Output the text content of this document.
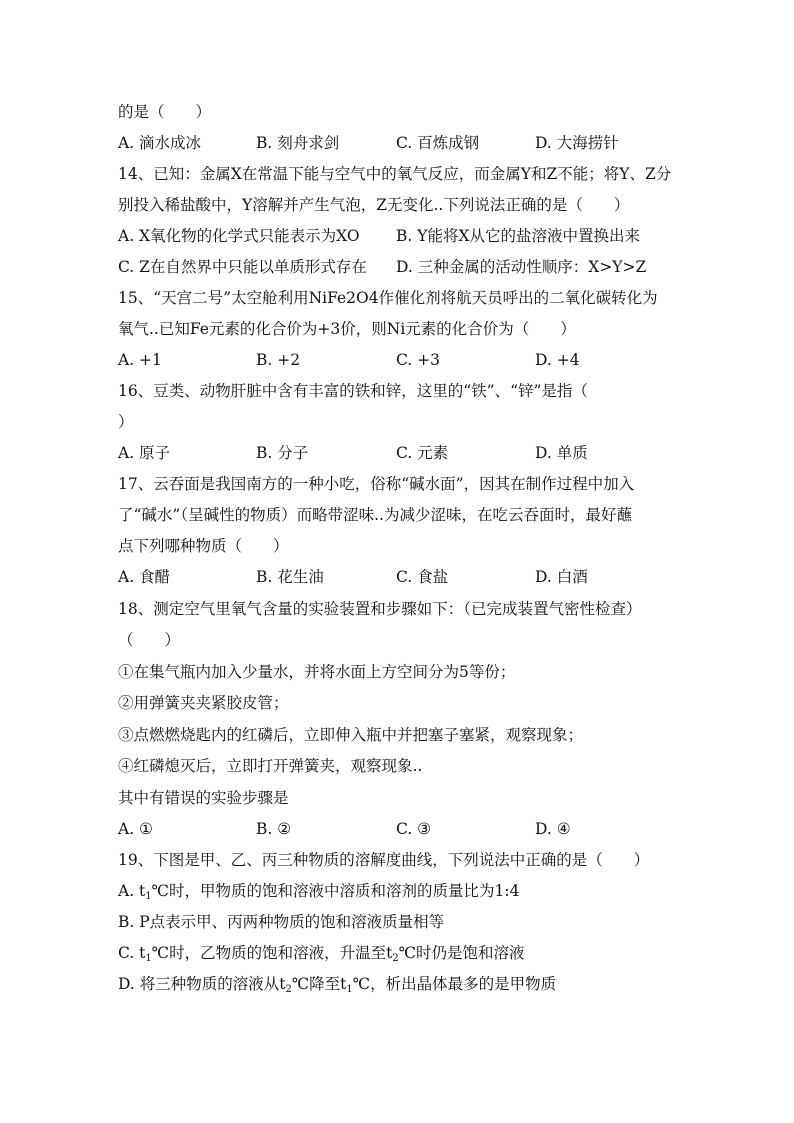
的是（　　）
A. 滴水成冰	B. 刻舟求剑	C. 百炼成钢	D. 大海捞针
14、已知：金属X在常温下能与空气中的氧气反应，而金属Y和Z不能；将Y、Z分
别投入稀盐酸中，Y溶解并产生气泡，Z无变化..下列说法正确的是（　　）
A. X氧化物的化学式只能表示为XO B. Y能将X从它的盐溶液中置换出来
C. Z在自然界中只能以单质形式存在 D. 三种金属的活动性顺序：X>Y>Z
15、“天宫二号”太空舱利用NiFe2O4作催化剂将航天员呼出的二氧化碳转化为
氧气..已知Fe元素的化合价为+3价，则Ni元素的化合价为（　　）
A. +1	B. +2	C. +3	D. +4
16、豆类、动物肝脏中含有丰富的铁和锌，这里的“铁”、“锌”是指（
）
A. 原子	B. 分子	C. 元素	D. 单质
17、云吞面是我国南方的一种小吃，俗称“碱水面”，因其在制作过程中加入
了“碱水”（呈碱性的物质）而略带涩味..为减少涩味，在吃云吞面时，最好蘸
点下列哪种物质（　　）
A. 食醋	B. 花生油	C. 食盐	D. 白酒
18、测定空气里氧气含量的实验装置和步骤如下：（已完成装置气密性检查）
（　　）
①在集气瓶内加入少量水，并将水面上方空间分为5等份；
②用弹簧夹夹紧胶皮管；
③点燃燃烧匙内的红磷后，立即伸入瓶中并把塞子塞紧，观察现象；
④红磷熄灭后，立即打开弹簧夹，观察现象..
其中有错误的实验步骤是
A. ①	B. ②	C. ③	D. ④
19、下图是甲、乙、丙三种物质的溶解度曲线，下列说法中正确的是（　　）
A. $t_1℃$时，甲物质的饱和溶液中溶质和溶剂的质量比为1:4
B. P点表示甲、丙两种物质的饱和溶液质量相等
C. $t_1℃$时，乙物质的饱和溶液，升温至$t_2℃$时仍是饱和溶液
D. 将三种物质的溶液从$t_2℃$降至$t_1℃$，析出晶体最多的是甲物质
